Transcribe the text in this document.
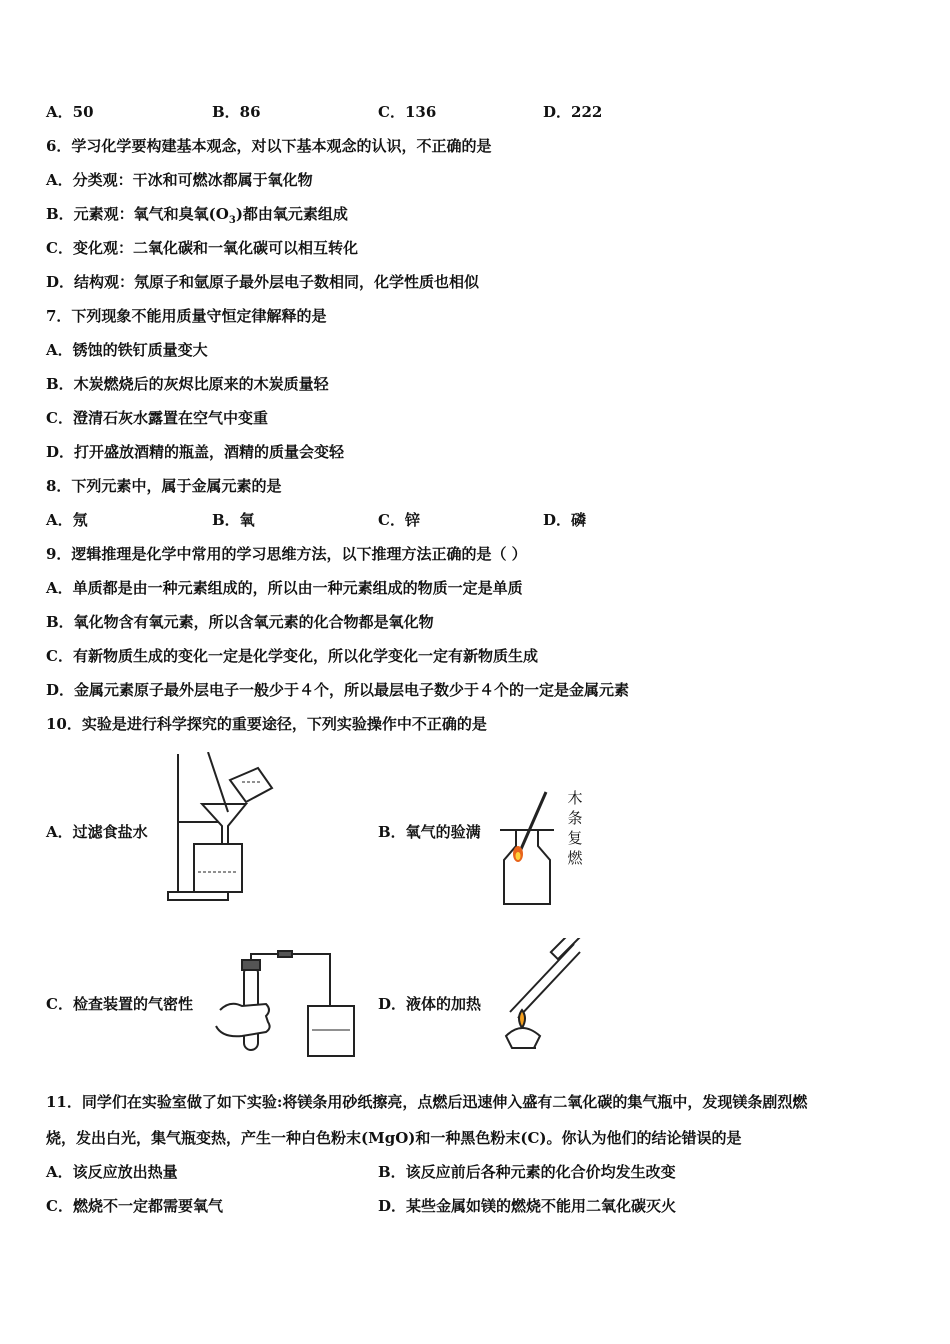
A．50	B．86	C．136	D．222
6．学习化学要构建基本观念，对以下基本观念的认识，不正确的是
A．分类观：干冰和可燃冰都属于氧化物
B．元素观：氧气和臭氧$(O_3)$都由氧元素组成
C．变化观：二氧化碳和一氧化碳可以相互转化
D．结构观：氖原子和氩原子最外层电子数相同，化学性质也相似
7．下列现象不能用质量守恒定律解释的是
A．锈蚀的铁钉质量变大
B．木炭燃烧后的灰烬比原来的木炭质量轻
C．澄清石灰水露置在空气中变重
D．打开盛放酒精的瓶盖，酒精的质量会变轻
8．下列元素中，属于金属元素的是
A．氖	B．氧	C．锌	D．磷
9．逻辑推理是化学中常用的学习思维方法，以下推理方法正确的是（ ）
A．单质都是由一种元素组成的，所以由一种元素组成的物质一定是单质
B．氧化物含有氧元素，所以含氧元素的化合物都是氧化物
C．有新物质生成的变化一定是化学变化，所以化学变化一定有新物质生成
D．金属元素原子最外层电子一般少于４个，所以最层电子数少于４个的一定是金属元素
10．实验是进行科学探究的重要途径，下列实验操作中不正确的是
A．过滤食盐水	B．氧气的验满
木
条
复
燃
C．检查装置的气密性	D．液体的加热
11．同学们在实验室做了如下实验:将镁条用砂纸擦亮，点燃后迅速伸入盛有二氧化碳的集气瓶中，发现镁条剧烈燃
烧，发出白光，集气瓶变热，产生一种白色粉末(MgO)和一种黑色粉末(C)。你认为他们的结论错误的是
A．该反应放出热量	B．该反应前后各种元素的化合价均发生改变
C．燃烧不一定都需要氧气	D．某些金属如镁的燃烧不能用二氧化碳灭火
